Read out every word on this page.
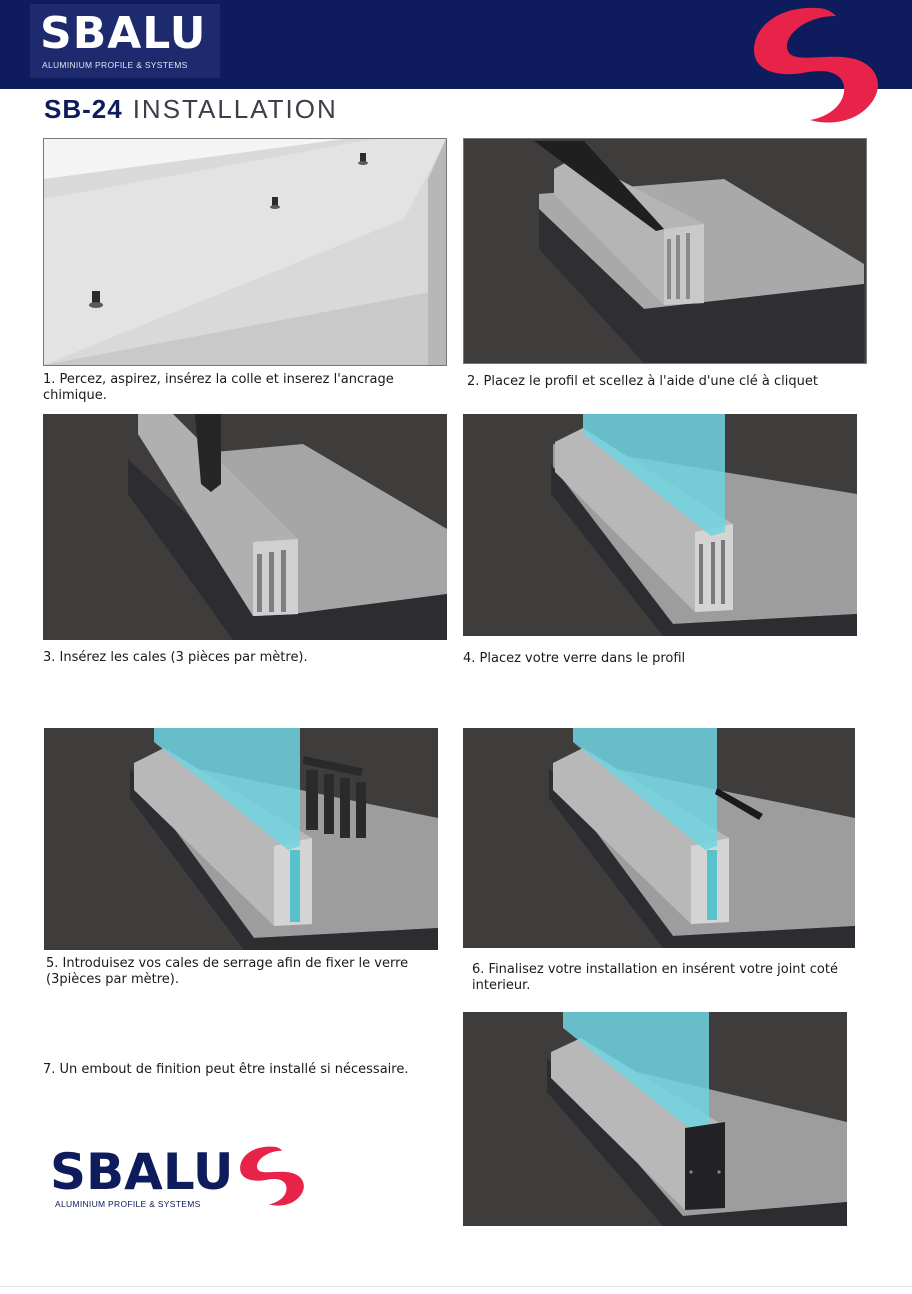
SBALU
ALUMINIUM PROFILE & SYSTEMS
SB-24 INSTALLATION
1. Percez, aspirez, insérez la colle et inserez l'ancrage chimique.
2. Placez le profil et scellez à l'aide d'une clé à cliquet
3. Insérez les cales (3 pièces par mètre).	4. Placez votre verre dans le profil
5. Introduisez vos cales de serrage afin de fixer le verre (3pièces par mètre).
6. Finalisez votre installation en insérent votre joint coté interieur.
7. Un embout de finition peut être installé si nécessaire.
SBALU
ALUMINIUM PROFILE & SYSTEMS
